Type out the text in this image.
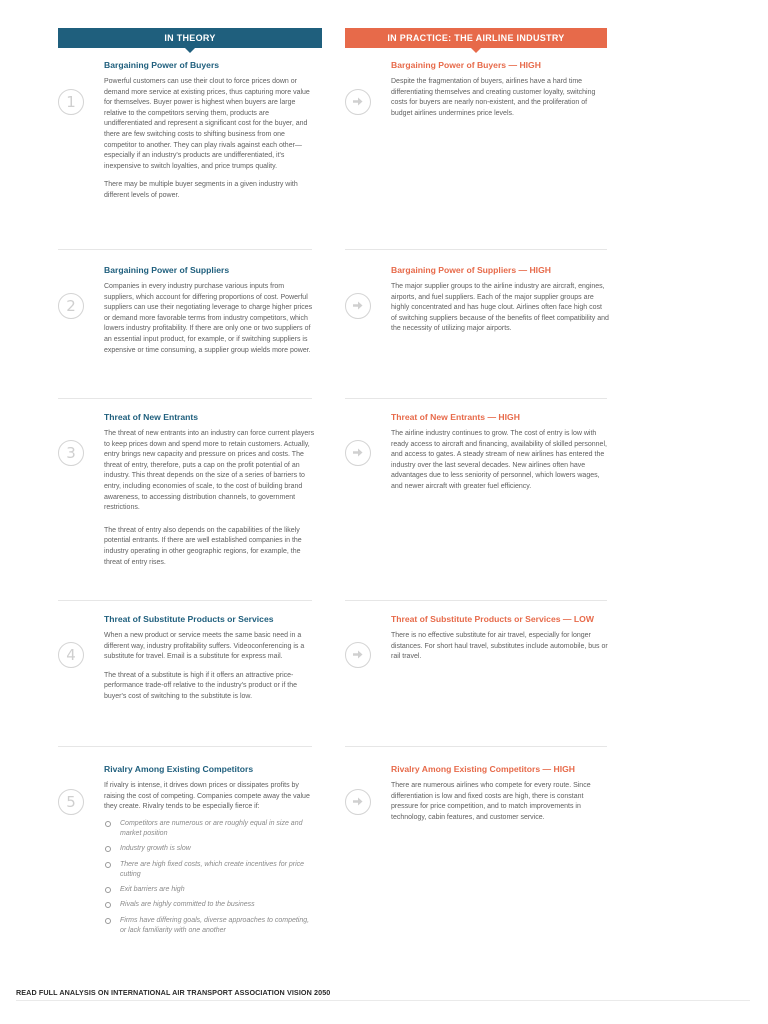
IN THEORY	IN PRACTICE: THE AIRLINE INDUSTRY
1
Bargaining Power of Buyers

Powerful customers can use their clout to force prices down or demand more service at existing prices, thus capturing more value for themselves. Buyer power is highest when buyers are large relative to the competitors serving them, products are undifferentiated and represent a significant cost for the buyer, and there are few switching costs to shifting business from one competitor to another. They can play rivals against each other—especially if an industry's products are undifferentiated, it's inexpensive to switch loyalties, and price trumps quality.

There may be multiple buyer segments in a given industry with different levels of power.

Bargaining Power of Buyers — HIGH

Despite the fragmentation of buyers, airlines have a hard time differentiating themselves and creating customer loyalty, switching costs for buyers are nearly non-existent, and the proliferation of budget airlines undermines price levels.

2
Bargaining Power of Suppliers

Companies in every industry purchase various inputs from suppliers, which account for differing proportions of cost. Powerful suppliers can use their negotiating leverage to charge higher prices or demand more favorable terms from industry competitors, which lowers industry profitability. If there are only one or two suppliers of an essential input product, for example, or if switching suppliers is expensive or time consuming, a supplier group wields more power.

Bargaining Power of Suppliers — HIGH

The major supplier groups to the airline industry are aircraft, engines, airports, and fuel suppliers. Each of the major supplier groups are highly concentrated and has huge clout. Airlines often face high cost of switching suppliers because of the benefits of fleet compatibility and the necessity of utilizing major airports.

3
Threat of New Entrants

The threat of new entrants into an industry can force current players to keep prices down and spend more to retain customers. Actually, entry brings new capacity and pressure on prices and costs. The threat of entry, therefore, puts a cap on the profit potential of an industry. This threat depends on the size of a series of barriers to entry, including economies of scale, to the cost of building brand awareness, to accessing distribution channels, to government restrictions.

The threat of entry also depends on the capabilities of the likely potential entrants. If there are well established companies in the industry operating in other geographic regions, for example, the threat of entry rises.

Threat of New Entrants — HIGH

The airline industry continues to grow. The cost of entry is low with ready access to aircraft and financing, availability of skilled personnel, and access to gates. A steady stream of new airlines has entered the industry over the last several decades. New airlines often have advantages due to less seniority of personnel, which lowers wages, and newer aircraft with greater fuel efficiency.

4
Threat of Substitute Products or Services

When a new product or service meets the same basic need in a different way, industry profitability suffers. Videoconferencing is a substitute for travel. Email is a substitute for express mail.

The threat of a substitute is high if it offers an attractive price-performance trade-off relative to the industry's product or if the buyer's cost of switching to the substitute is low.

Threat of Substitute Products or Services — LOW

There is no effective substitute for air travel, especially for longer distances. For short haul travel, substitutes include automobile, bus or rail travel.

5
Rivalry Among Existing Competitors

If rivalry is intense, it drives down prices or dissipates profits by raising the cost of competing. Companies compete away the value they create. Rivalry tends to be especially fierce if:

Competitors are numerous or are roughly equal in size and market position
Industry growth is slow
There are high fixed costs, which create incentives for price cutting
Exit barriers are high
Rivals are highly committed to the business
Firms have differing goals, diverse approaches to competing, or lack familiarity with one another
Rivalry Among Existing Competitors — HIGH

There are numerous airlines who compete for every route. Since differentiation is low and fixed costs are high, there is constant pressure for price competition, and to match improvements in technology, cabin features, and customer service.

READ FULL ANALYSIS ON INTERNATIONAL AIR TRANSPORT ASSOCIATION VISION 2050
